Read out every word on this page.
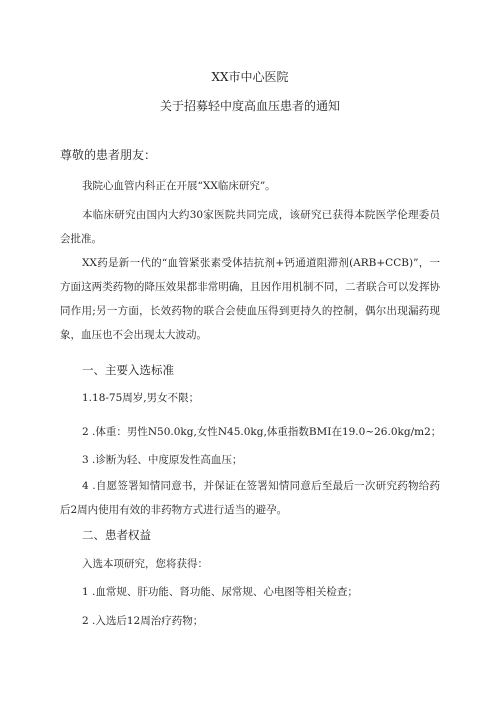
XX市中心医院
关于招募轻中度高血压患者的通知
尊敬的患者朋友：

我院心血管内科正在开展“XX临床研究”。

本临床研究由国内大约30家医院共同完成，该研究已获得本院医学伦理委员会批准。

XX药是新一代的“血管紧张素受体拮抗剂+钙通道阻滞剂(ARB+CCB)”，一方面这两类药物的降压效果都非常明确，且因作用机制不同，二者联合可以发挥协同作用;另一方面，长效药物的联合会使血压得到更持久的控制，偶尔出现漏药现象，血压也不会出现太大波动。

一、主要入选标准
1.18-75周岁,男女不限；
2 .体重：男性N50.0kg,女性N45.0kg,体重指数BMI在19.0~26.0kg/m2；
3 .诊断为轻、中度原发性高血压；

4 .自愿签署知情同意书，并保证在签署知情同意后至最后一次研究药物给药后2周内使用有效的非药物方式进行适当的避孕。

二、患者权益
入选本项研究，您将获得：
1 .血常规、肝功能、肾功能、尿常规、心电图等相关检查；
2 .入选后12周治疗药物；
